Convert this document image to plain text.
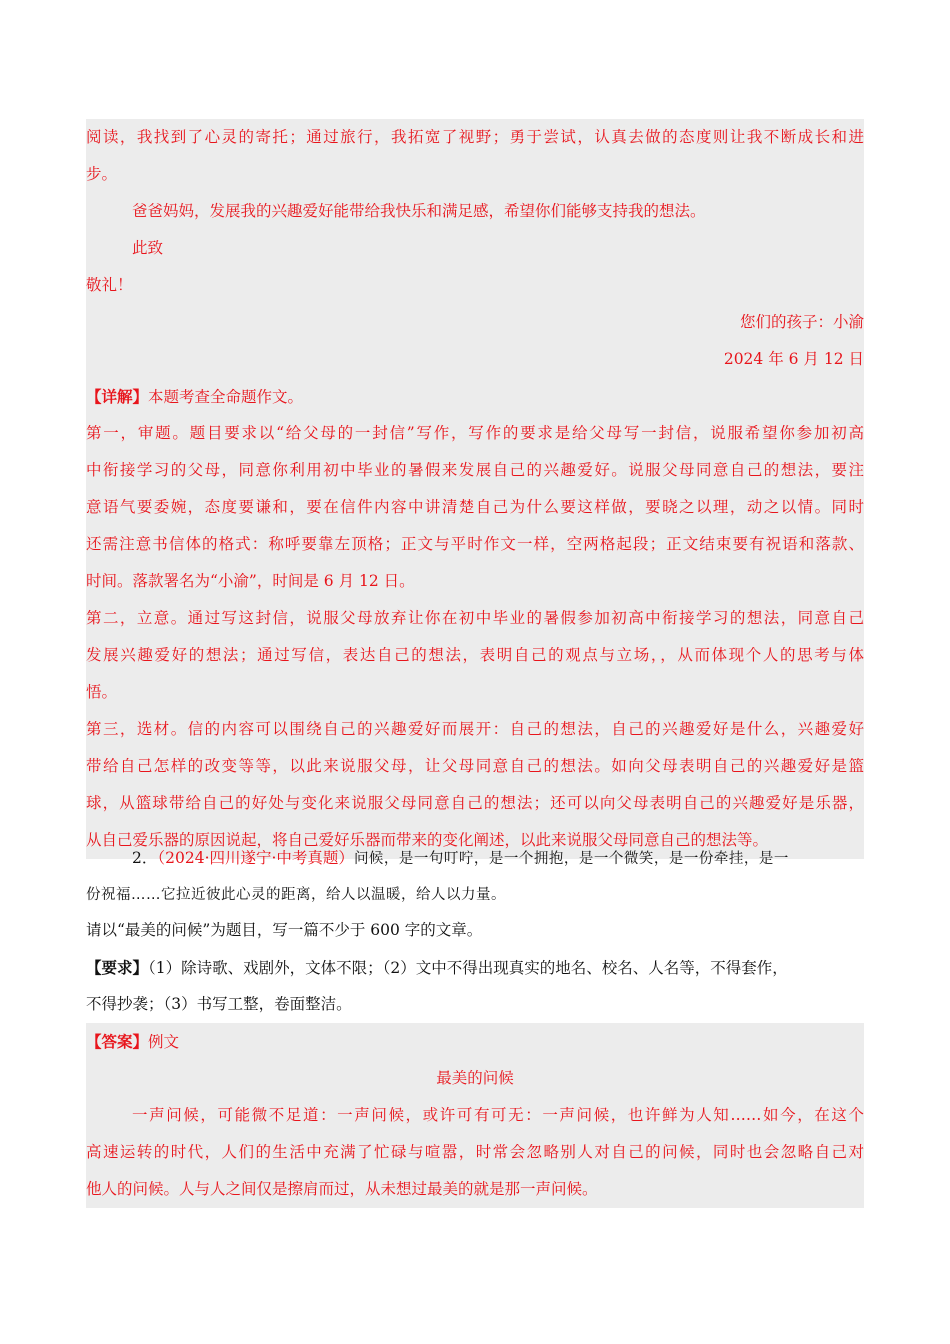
阅读，我找到了心灵的寄托；通过旅行，我拓宽了视野；勇于尝试，认真去做的态度则让我不断成长和进
步。
爸爸妈妈，发展我的兴趣爱好能带给我快乐和满足感，希望你们能够支持我的想法。
此致
敬礼！
您们的孩子：小渝
2024 年 6 月 12 日
【详解】本题考查全命题作文。
第一，审题。题目要求以“给父母的一封信”写作，写作的要求是给父母写一封信，说服希望你参加初高
中衔接学习的父母，同意你利用初中毕业的暑假来发展自己的兴趣爱好。说服父母同意自己的想法，要注
意语气要委婉，态度要谦和，要在信件内容中讲清楚自己为什么要这样做，要晓之以理，动之以情。同时
还需注意书信体的格式：称呼要靠左顶格；正文与平时作文一样，空两格起段；正文结束要有祝语和落款、
时间。落款署名为“小渝”，时间是 6 月 12 日。
第二，立意。通过写这封信，说服父母放弃让你在初中毕业的暑假参加初高中衔接学习的想法，同意自己
发展兴趣爱好的想法；通过写信，表达自己的想法，表明自己的观点与立场，，从而体现个人的思考与体
悟。
第三，选材。信的内容可以围绕自己的兴趣爱好而展开：自己的想法，自己的兴趣爱好是什么，兴趣爱好
带给自己怎样的改变等等，以此来说服父母，让父母同意自己的想法。如向父母表明自己的兴趣爱好是篮
球，从篮球带给自己的好处与变化来说服父母同意自己的想法；还可以向父母表明自己的兴趣爱好是乐器，
从自己爱乐器的原因说起，将自己爱好乐器而带来的变化阐述，以此来说服父母同意自己的想法等。
2．（2024·四川遂宁·中考真题）问候，是一句叮咛，是一个拥抱，是一个微笑，是一份牵挂，是一
份祝福……它拉近彼此心灵的距离，给人以温暖，给人以力量。
请以“最美的问候”为题目，写一篇不少于 600 字的文章。
【要求】（1）除诗歌、戏剧外，文体不限；（2）文中不得出现真实的地名、校名、人名等，不得套作，
不得抄袭；（3）书写工整，卷面整洁。
【答案】例文
最美的问候
一声问候，可能微不足道：一声问候，或许可有可无：一声问候，也许鲜为人知……如今，在这个
高速运转的时代，人们的生活中充满了忙碌与喧嚣，时常会忽略别人对自己的问候，同时也会忽略自己对
他人的问候。人与人之间仅是擦肩而过，从未想过最美的就是那一声问候。
